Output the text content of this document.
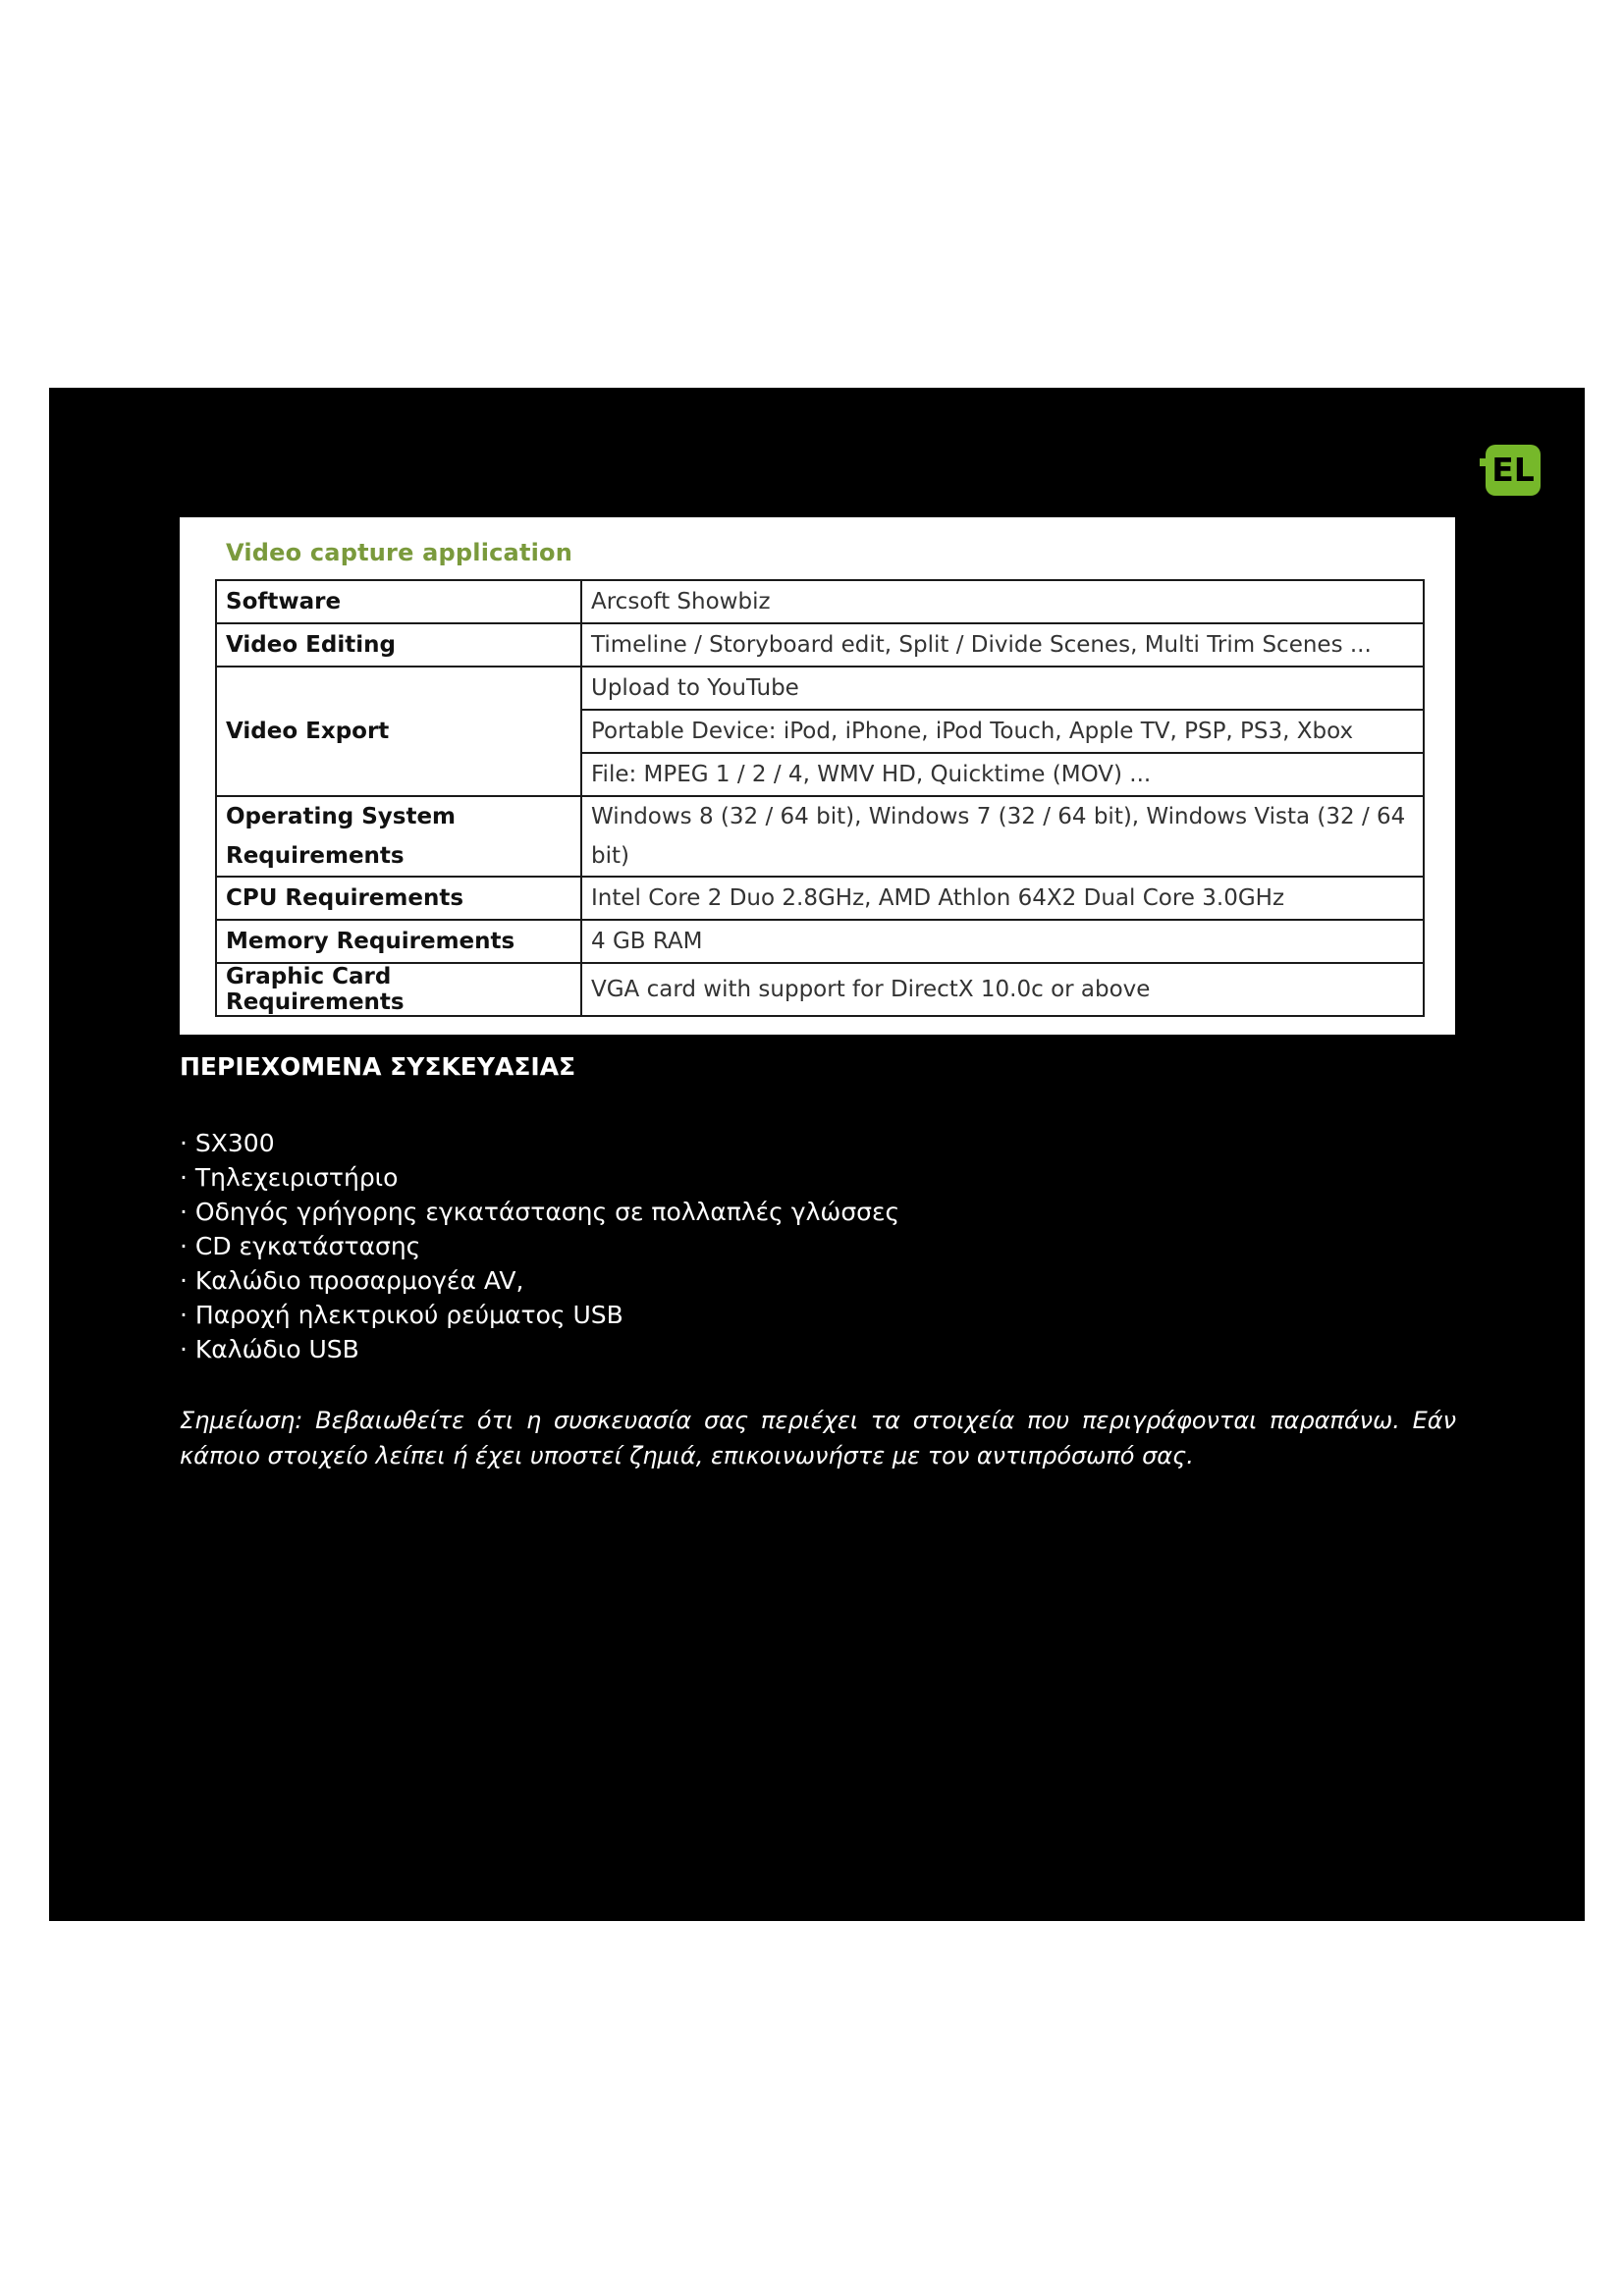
EL
Video capture application
Software	Arcsoft Showbiz
Video Editing	Timeline / Storyboard edit, Split / Divide Scenes, Multi Trim Scenes ...
Video Export	Upload to YouTube
	Portable Device: iPod, iPhone, iPod Touch, Apple TV, PSP, PS3, Xbox
	File: MPEG 1 / 2 / 4, WMV HD, Quicktime (MOV) ...
Operating System Requirements	Windows 8 (32 / 64 bit), Windows 7 (32 / 64 bit), Windows Vista (32 / 64 bit)
CPU Requirements	Intel Core 2 Duo 2.8GHz, AMD Athlon 64X2 Dual Core 3.0GHz
Memory Requirements	4 GB RAM
Graphic Card Requirements	VGA card with support for DirectX 10.0c or above
ΠΕΡΙΕΧΟΜΕΝΑ ΣΥΣΚΕΥΑΣΙΑΣ
· SX300
· Τηλεχειριστήριο
· Οδηγός γρήγορης εγκατάστασης σε πολλαπλές γλώσσες
· CD εγκατάστασης
· Καλώδιο προσαρμογέα AV,
· Παροχή ηλεκτρικού ρεύματος USB
· Καλώδιο USB
Σημείωση: Βεβαιωθείτε ότι η συσκευασία σας περιέχει τα στοιχεία που περιγράφονται παραπάνω. Εάν κάποιο στοιχείο λείπει ή έχει υποστεί ζημιά, επικοινωνήστε με τον αντιπρόσωπό σας.
